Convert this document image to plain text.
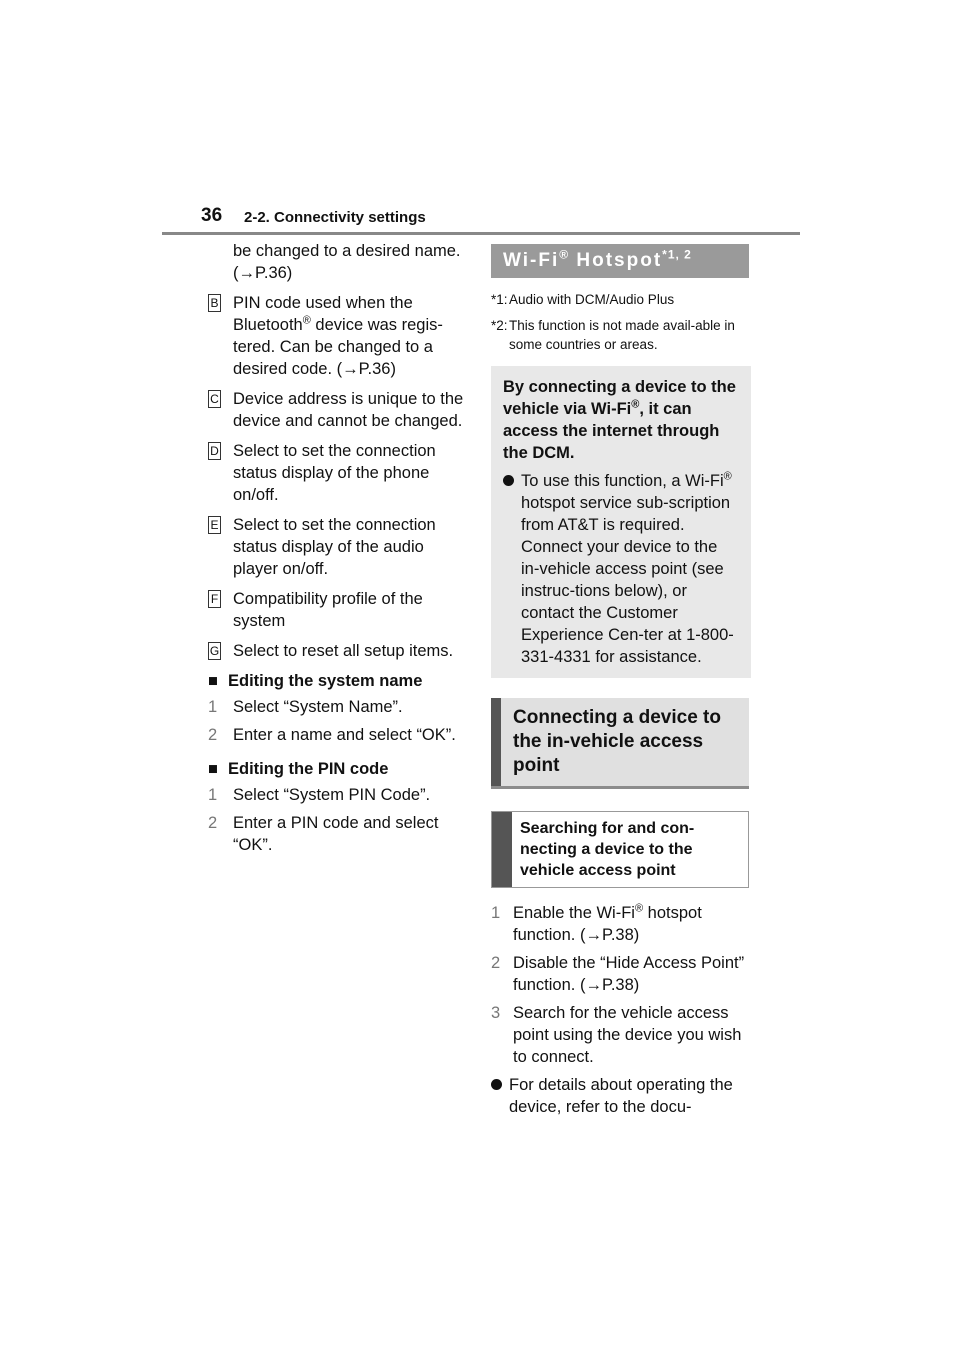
36 2-2. Connectivity settings
be changed to a desired name. (→P.36)
B PIN code used when the Bluetooth® device was regis-tered. Can be changed to a desired code. (→P.36)
C Device address is unique to the device and cannot be changed.
D Select to set the connection status display of the phone on/off.
E Select to set the connection status display of the audio player on/off.
F Compatibility profile of the system
G Select to reset all setup items.
■ Editing the system name
1 Select “System Name”.
2 Enter a name and select “OK”.
■ Editing the PIN code
1 Select “System PIN Code”.
2 Enter a PIN code and select “OK”.
Wi-Fi® Hotspot$^{*1, 2}$
*1: Audio with DCM/Audio Plus
*2: This function is not made avail-able in some countries or areas.
By connecting a device to the vehicle via Wi-Fi®, it can access the internet through the DCM.
To use this function, a Wi-Fi® hotspot service sub-scription from AT&T is required. Connect your device to the in-vehicle access point (see instruc-tions below), or contact the Customer Experience Cen-ter at 1-800-331-4331 for assistance.
Connecting a device to the in-vehicle access point
Searching for and con-necting a device to the vehicle access point
1 Enable the Wi-Fi® hotspot function. (→P.38)
2 Disable the “Hide Access Point” function. (→P.38)
3 Search for the vehicle access point using the device you wish to connect.
For details about operating the device, refer to the docu-
